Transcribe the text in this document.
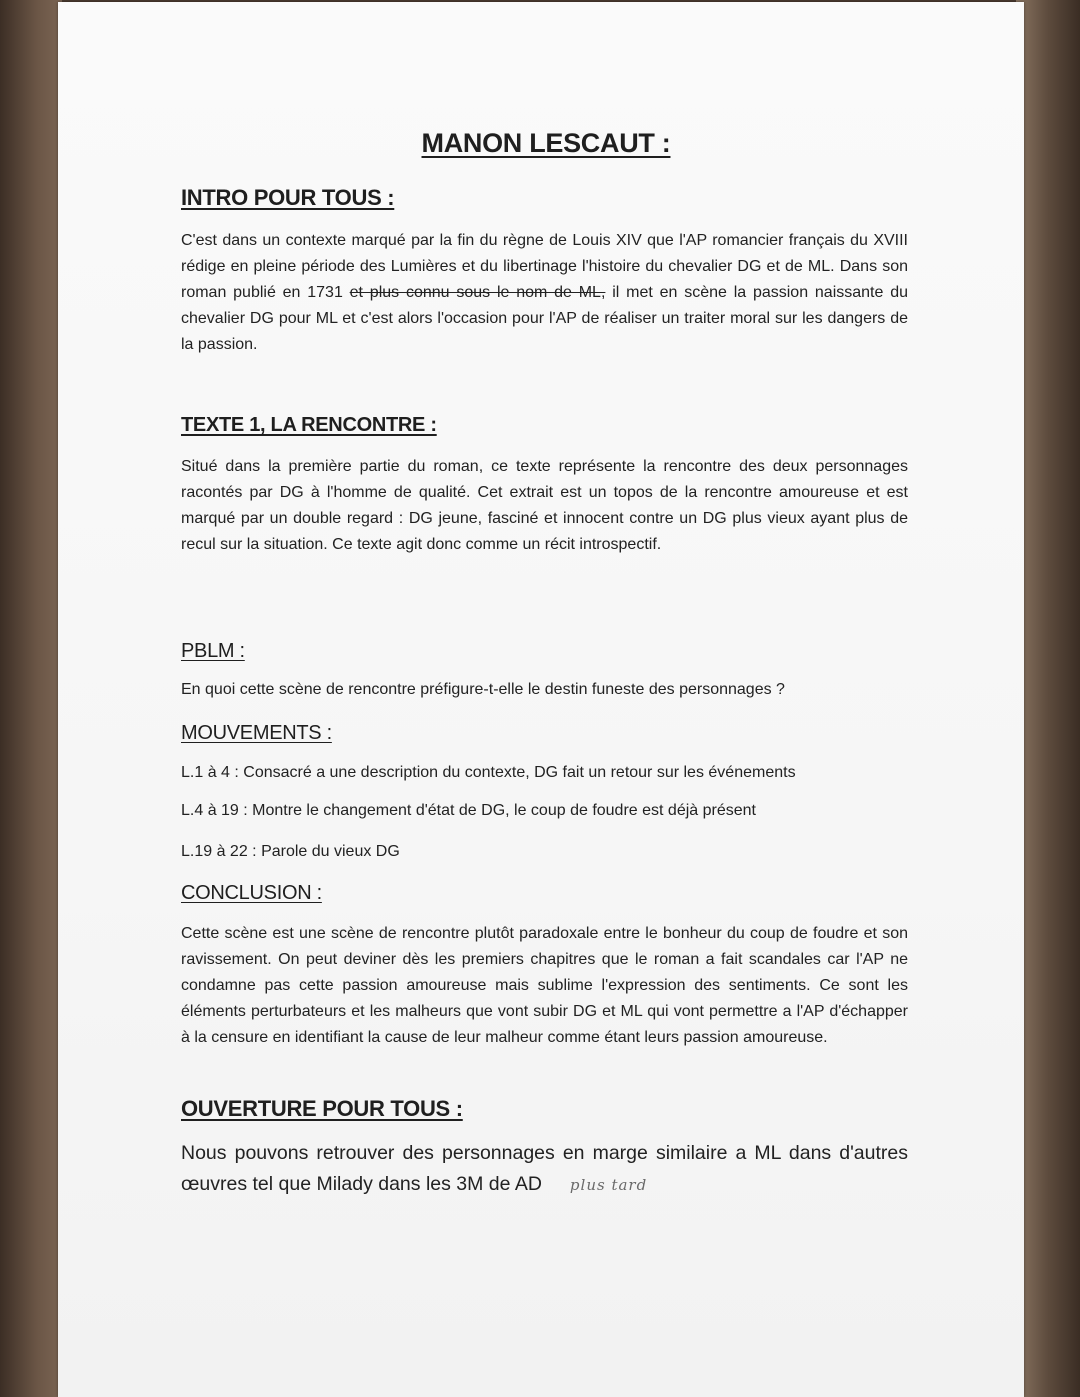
MANON LESCAUT :
INTRO POUR TOUS :
C'est dans un contexte marqué par la fin du règne de Louis XIV que l'AP romancier français du XVIII rédige en pleine période des Lumières et du libertinage l'histoire du chevalier DG et de ML. Dans son roman publié en 1731 et plus connu sous le nom de ML, il met en scène la passion naissante du chevalier DG pour ML et c'est alors l'occasion pour l'AP de réaliser un traiter moral sur les dangers de la passion.
TEXTE 1, LA RENCONTRE :
Situé dans la première partie du roman, ce texte représente la rencontre des deux personnages racontés par DG à l'homme de qualité. Cet extrait est un topos de la rencontre amoureuse et est marqué par un double regard : DG jeune, fasciné et innocent contre un DG plus vieux ayant plus de recul sur la situation. Ce texte agit donc comme un récit introspectif.
PBLM :
En quoi cette scène de rencontre préfigure-t-elle le destin funeste des personnages ?
MOUVEMENTS :
L.1 à 4 : Consacré a une description du contexte, DG fait un retour sur les événements
L.4 à 19 : Montre le changement d'état de DG, le coup de foudre est déjà présent
L.19 à 22 : Parole du vieux DG
CONCLUSION :
Cette scène est une scène de rencontre plutôt paradoxale entre le bonheur du coup de foudre et son ravissement. On peut deviner dès les premiers chapitres que le roman a fait scandales car l'AP ne condamne pas cette passion amoureuse mais sublime l'expression des sentiments. Ce sont les éléments perturbateurs et les malheurs que vont subir DG et ML qui vont permettre a l'AP d'échapper à la censure en identifiant la cause de leur malheur comme étant leurs passion amoureuse.
OUVERTURE POUR TOUS :
Nous pouvons retrouver des personnages en marge similaire a ML dans d'autres œuvres tel que Milady dans les 3M de AD plus tard
